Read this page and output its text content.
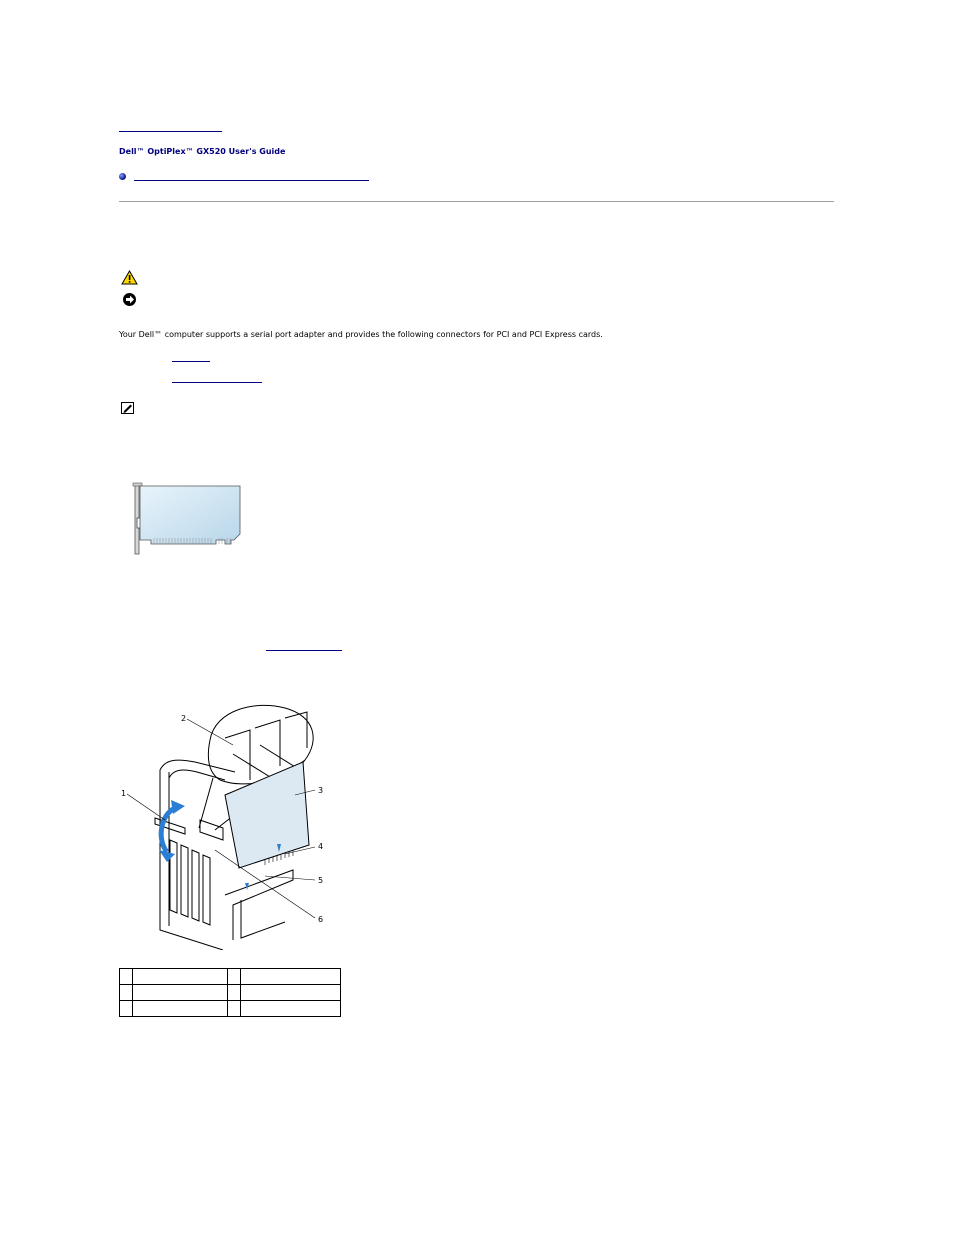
Dell™ OptiPlex™ GX520 User's Guide
Your Dell™ computer supports a serial port adapter and provides the following connectors for PCI and PCI Express cards.
2
1	3
4
5
6
